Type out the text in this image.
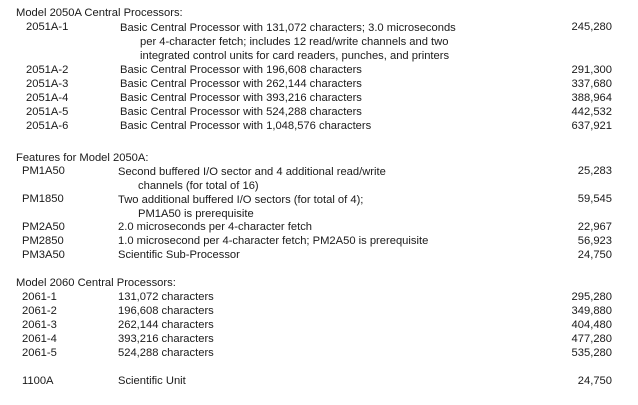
Model 2050A Central Processors:
2051A-1	Basic Central Processor with 131,072 characters; 3.0 microseconds
per 4-character fetch; includes 12 read/write channels and two
integrated control units for card readers, punches, and printers
245,280
2051A-2	Basic Central Processor with 196,608 characters	291,300
2051A-3	Basic Central Processor with 262,144 characters	337,680
2051A-4	Basic Central Processor with 393,216 characters	388,964
2051A-5	Basic Central Processor with 524,288 characters	442,532
2051A-6	Basic Central Processor with 1,048,576 characters	637,921
Features for Model 2050A:
PM1A50	Second buffered I/O sector and 4 additional read/write
channels (for total of 16)
25,283
PM1850	Two additional buffered I/O sectors (for total of 4);
PM1A50 is prerequisite
59,545
PM2A50	2.0 microseconds per 4-character fetch	22,967
PM2850	1.0 microsecond per 4-character fetch; PM2A50 is prerequisite	56,923
PM3A50	Scientific Sub-Processor	24,750
Model 2060 Central Processors:
2061-1	131,072 characters	295,280
2061-2	196,608 characters	349,880
2061-3	262,144 characters	404,480
2061-4	393,216 characters	477,280
2061-5	524,288 characters	535,280
1100A	Scientific Unit	24,750
